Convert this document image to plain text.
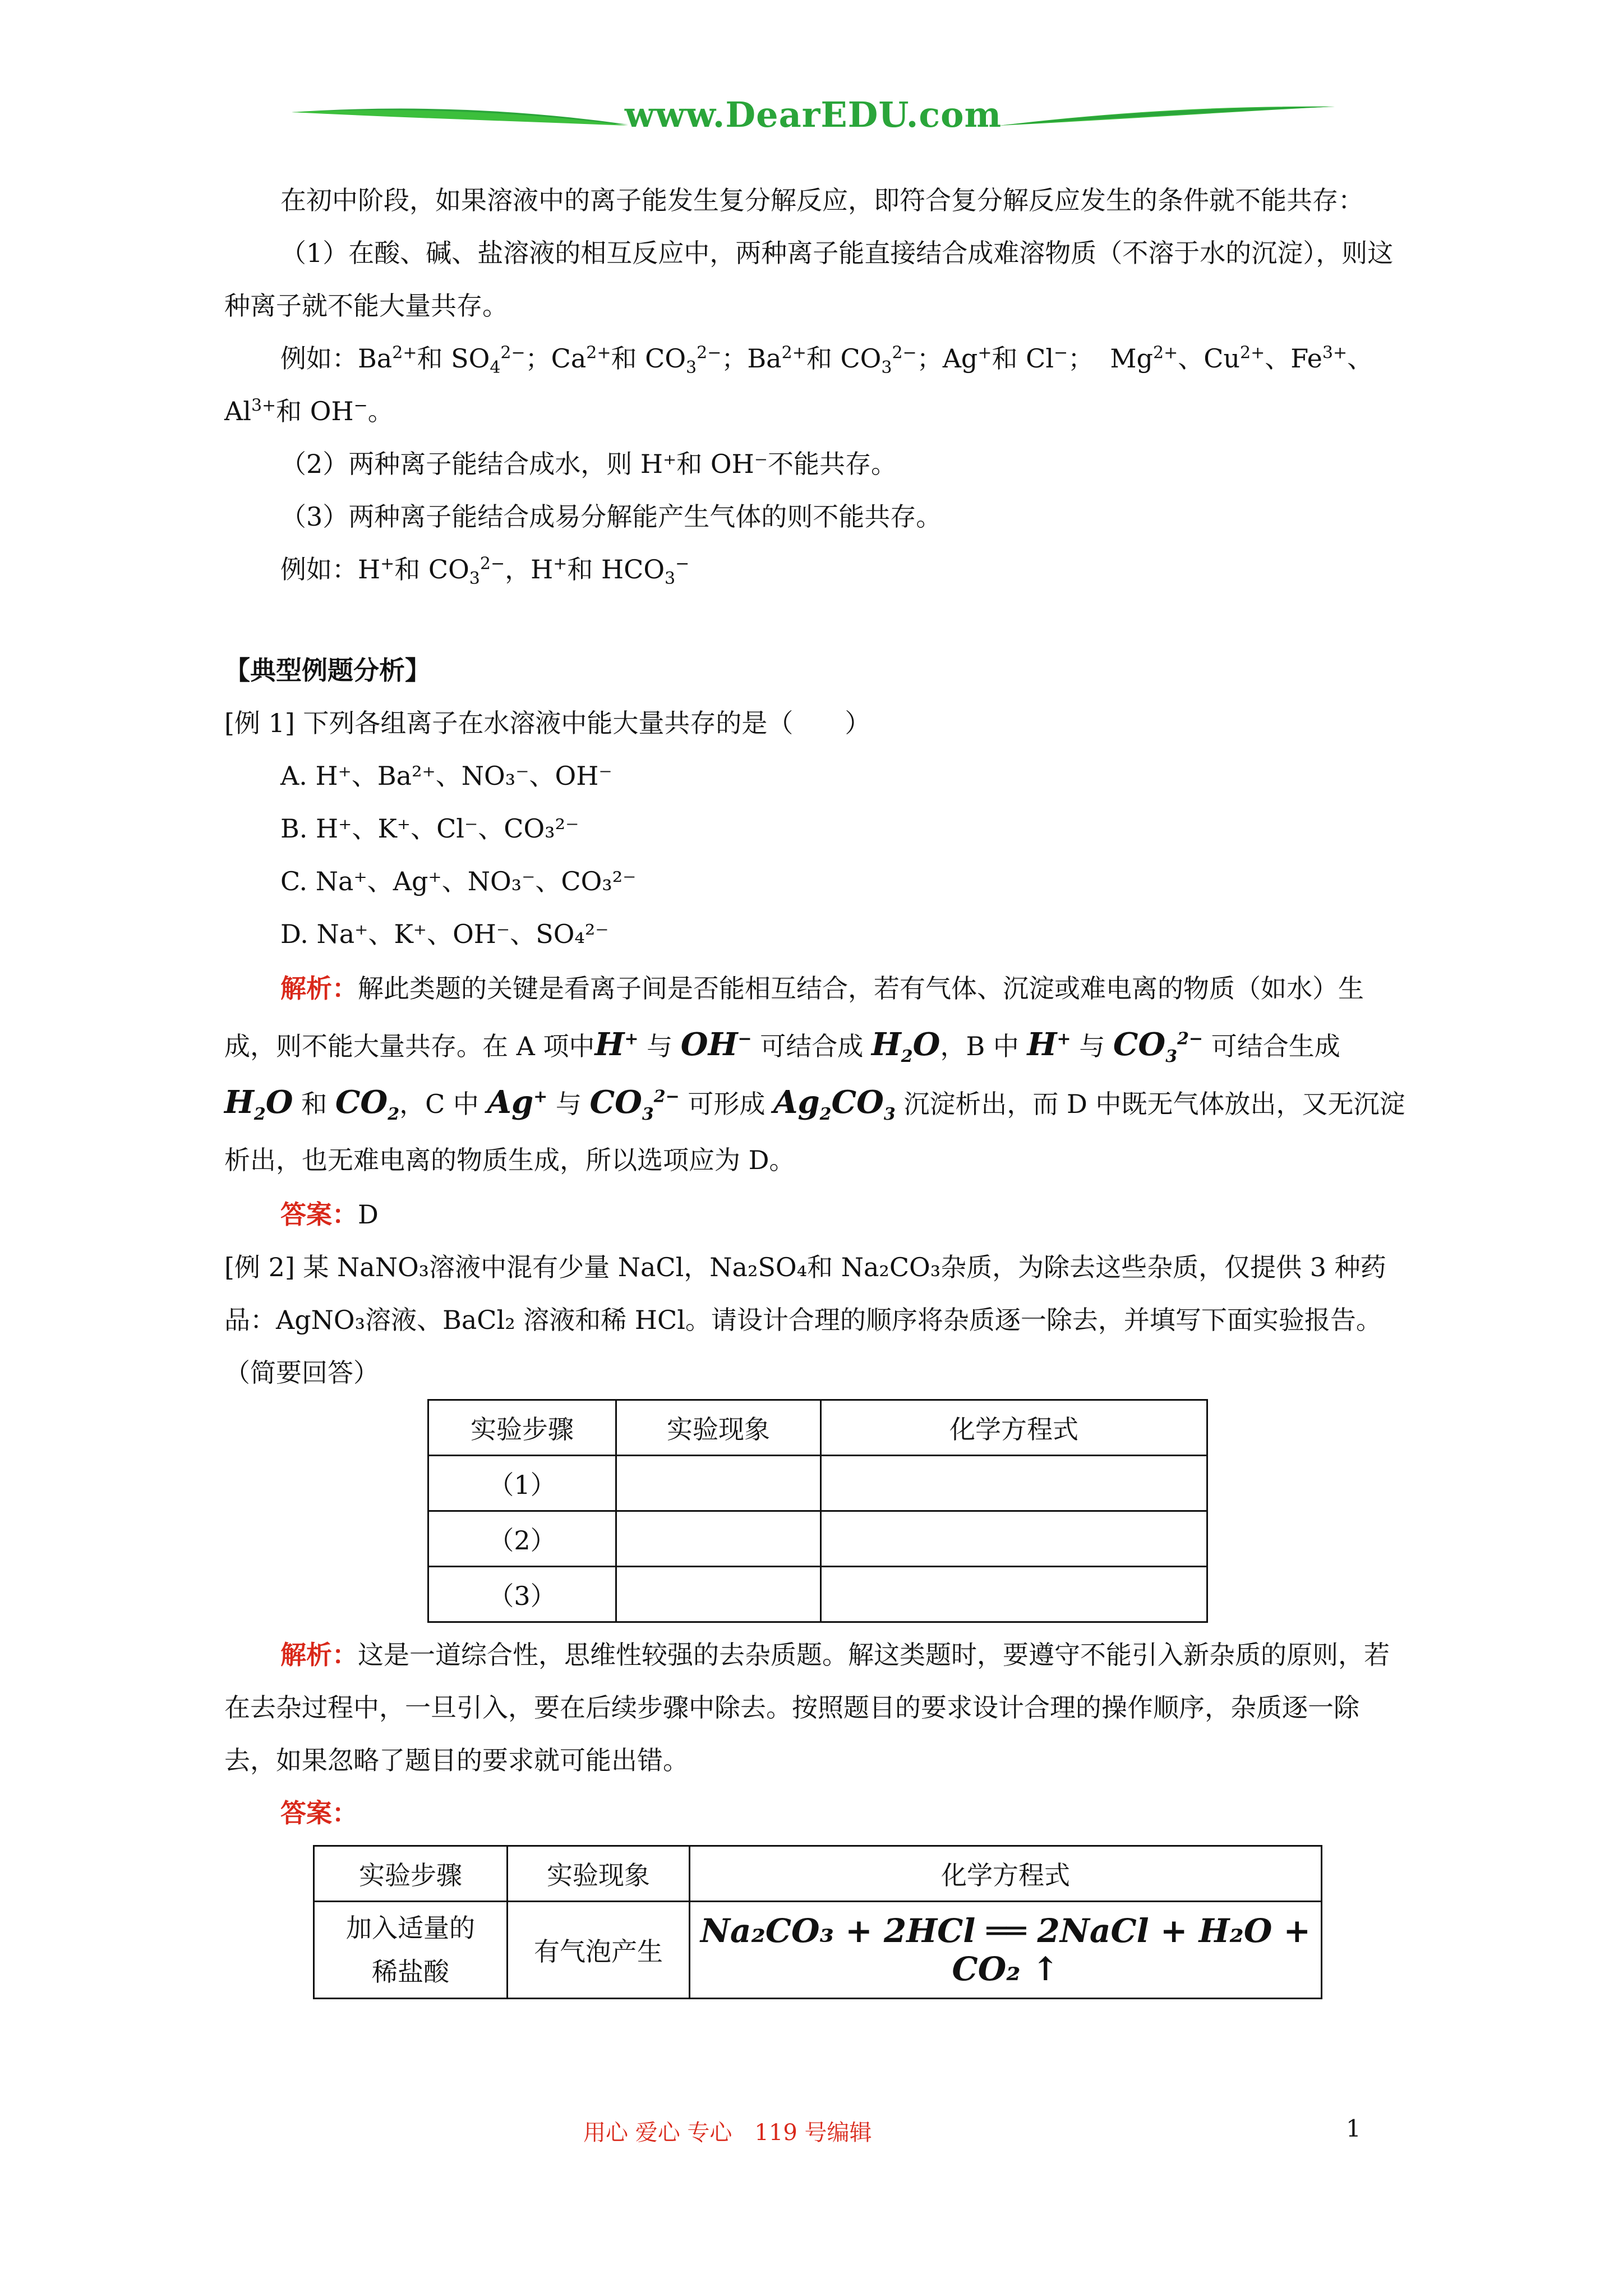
www.DearEDU.com

在初中阶段，如果溶液中的离子能发生复分解反应，即符合复分解反应发生的条件就不能共存：

（1）在酸、碱、盐溶液的相互反应中，两种离子能直接结合成难溶物质（不溶于水的沉淀），则这种离子就不能大量共存。

例如：$Ba^{2+}$和 $SO_4^{2-}$；$Ca^{2+}$和 $CO_3^{2-}$；$Ba^{2+}$和 $CO_3^{2-}$；Ag+和 Cl−；  $Mg^{2+}$、$Cu^{2+}$、$Fe^{3+}$、$Al^{3+}$和 OH−。

（2）两种离子能结合成水，则 H⁺和 OH⁻不能共存。

（3）两种离子能结合成易分解能产生气体的则不能共存。

例如：H+和 $CO_3^{2-}$，H+和 $HCO_3^-$

【典型例题分析】

[例 1] 下列各组离子在水溶液中能大量共存的是（　　）

A. H⁺、Ba²⁺、NO₃⁻、OH⁻

B. H⁺、K⁺、Cl⁻、CO₃²⁻

C. Na⁺、Ag⁺、NO₃⁻、CO₃²⁻

D. Na⁺、K⁺、OH⁻、SO₄²⁻

解析：解此类题的关键是看离子间是否能相互结合，若有气体、沉淀或难电离的物质（如水）生成，则不能大量共存。在 A 项中H+ 与 OH− 可结合成 $H_2O$，B 中 H+ 与 $CO_3^{2-}$ 可结合生成 $H_2O$ 和 $CO_2$，C 中 Ag+ 与 $CO_3^{2-}$ 可形成 $Ag_2CO_3$ 沉淀析出，而 D 中既无气体放出，又无沉淀析出，也无难电离的物质生成，所以选项应为 D。

答案：D

[例 2] 某 NaNO₃溶液中混有少量 NaCl，Na₂SO₄和 Na₂CO₃杂质，为除去这些杂质，仅提供 3 种药品：AgNO₃溶液、BaCl₂ 溶液和稀 HCl。请设计合理的顺序将杂质逐一除去，并填写下面实验报告。（简要回答）

实验步骤	实验现象	化学方程式
（1）		
（2）		
（3）		

解析：这是一道综合性，思维性较强的去杂质题。解这类题时，要遵守不能引入新杂质的原则，若在去杂过程中，一旦引入，要在后续步骤中除去。按照题目的要求设计合理的操作顺序，杂质逐一除去，如果忽略了题目的要求就可能出错。

答案：

实验步骤	实验现象	化学方程式
加入适量的稀盐酸	有气泡产生	Na₂CO₃ + 2HCl ══ 2NaCl + H₂O + CO₂ ↑
用心 爱心 专心　119 号编辑	1
